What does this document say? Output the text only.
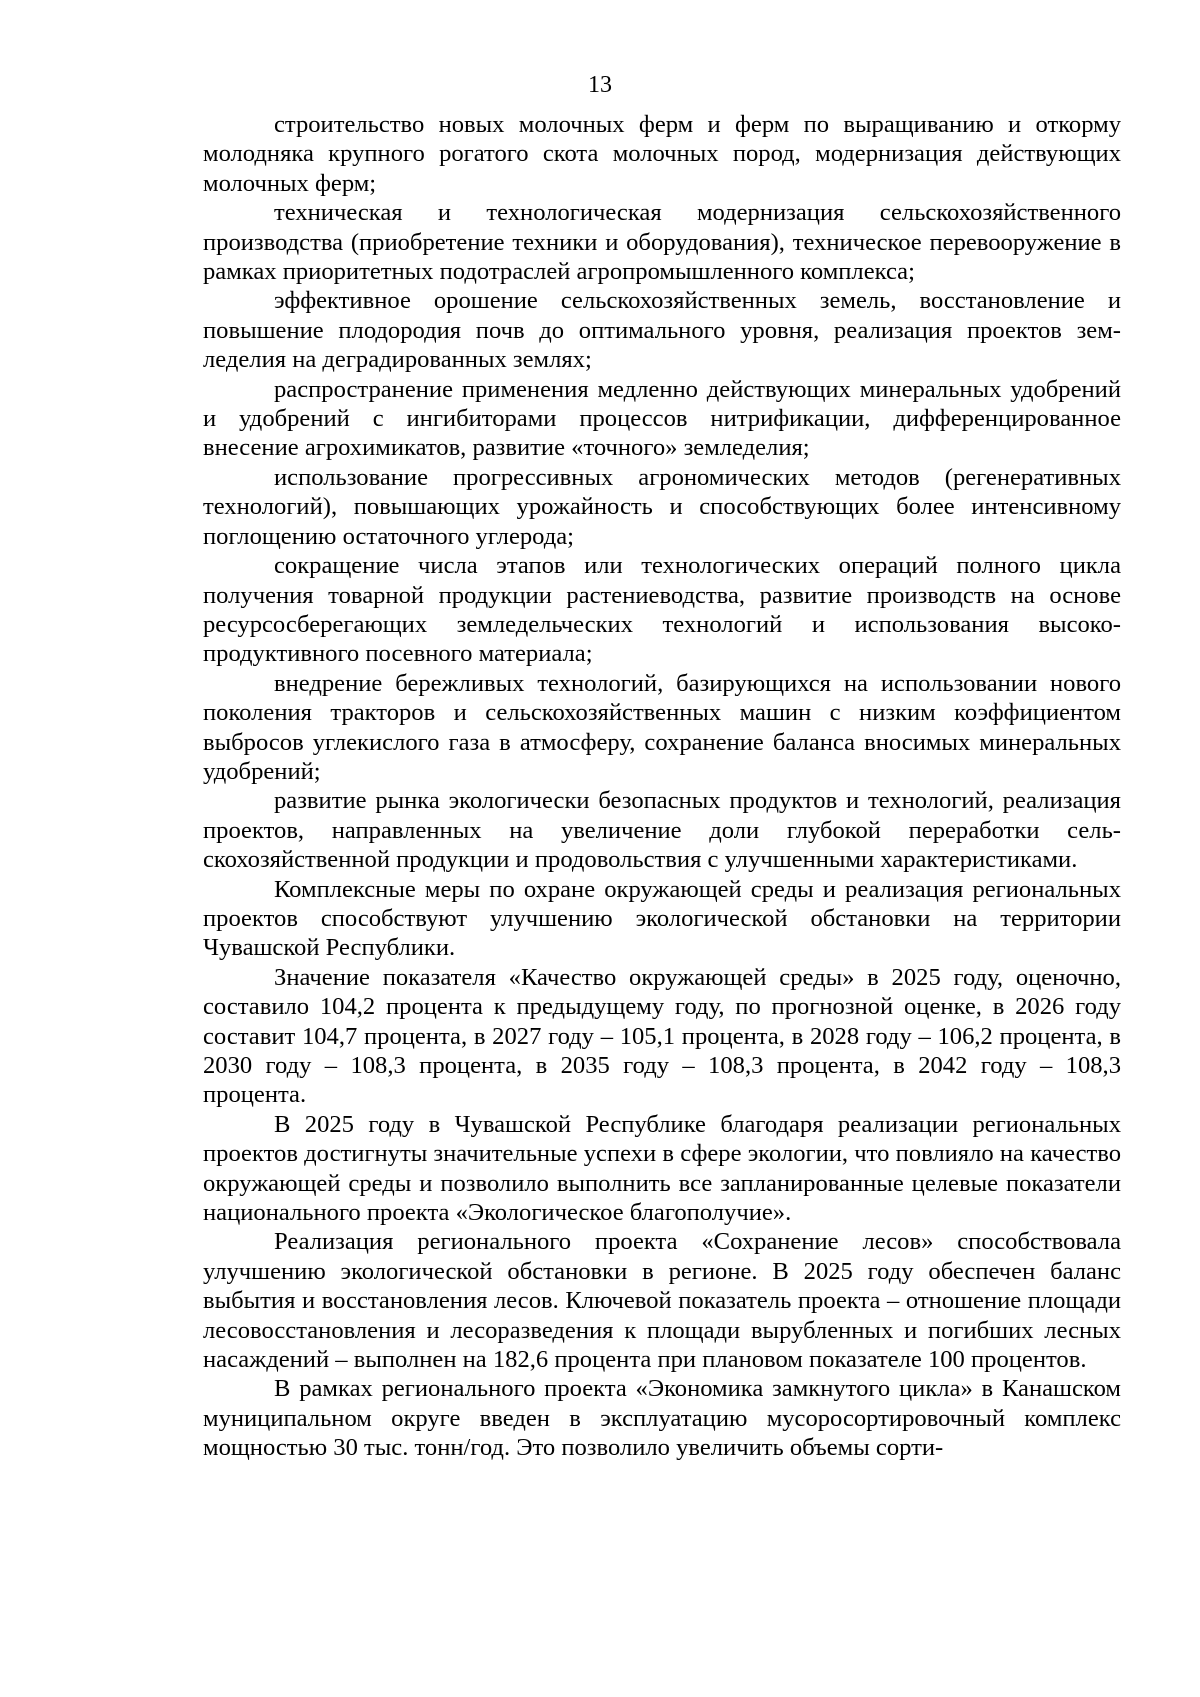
13

строительство новых молочных ферм и ферм по выращиванию и откорму молодняка крупного рогатого скота молочных пород, модернизация действующих молочных ферм;

техническая и технологическая модернизация сельскохозяйственного производства (приобретение техники и оборудования), техническое перевооружение в рамках приоритетных подотраслей агропромышленного комплекса;

эффективное орошение сельскохозяйственных земель, восстановление и повышение плодородия почв до оптимального уровня, реализация проектов земледелия на деградированных землях;

распространение применения медленно действующих минеральных удобрений и удобрений с ингибиторами процессов нитрификации, дифференцированное внесение агрохимикатов, развитие «точного» земледелия;

использование прогрессивных агрономических методов (регенеративных технологий), повышающих урожайность и способствующих более интенсивному поглощению остаточного углерода;

сокращение числа этапов или технологических операций полного цикла получения товарной продукции растениеводства, развитие производств на основе ресурсосберегающих земледельческих технологий и использования высокопродуктивного посевного материала;

внедрение бережливых технологий, базирующихся на использовании нового поколения тракторов и сельскохозяйственных машин с низким коэффициентом выбросов углекислого газа в атмосферу, сохранение баланса вносимых минеральных удобрений;

развитие рынка экологически безопасных продуктов и технологий, реализация проектов, направленных на увеличение доли глубокой переработки сельскохозяйственной продукции и продовольствия с улучшенными характеристиками.

Комплексные меры по охране окружающей среды и реализация региональных проектов способствуют улучшению экологической обстановки на территории Чувашской Республики.

Значение показателя «Качество окружающей среды» в 2025 году, оценочно, составило 104,2 процента к предыдущему году, по прогнозной оценке, в 2026 году составит 104,7 процента, в 2027 году – 105,1 процента, в 2028 году – 106,2 процента, в 2030 году – 108,3 процента, в 2035 году – 108,3 процента, в 2042 году – 108,3 процента.

В 2025 году в Чувашской Республике благодаря реализации региональных проектов достигнуты значительные успехи в сфере экологии, что повлияло на качество окружающей среды и позволило выполнить все запланированные целевые показатели национального проекта «Экологическое благополучие».

Реализация регионального проекта «Сохранение лесов» способствовала улучшению экологической обстановки в регионе. В 2025 году обеспечен баланс выбытия и восстановления лесов. Ключевой показатель проекта – отношение площади лесовосстановления и лесоразведения к площади вырубленных и погибших лесных насаждений – выполнен на 182,6 процента при плановом показателе 100 процентов.

В рамках регионального проекта «Экономика замкнутого цикла» в Канашском муниципальном округе введен в эксплуатацию мусоросортировочный комплекс мощностью 30 тыс. тонн/год. Это позволило увеличить объемы сорти-
